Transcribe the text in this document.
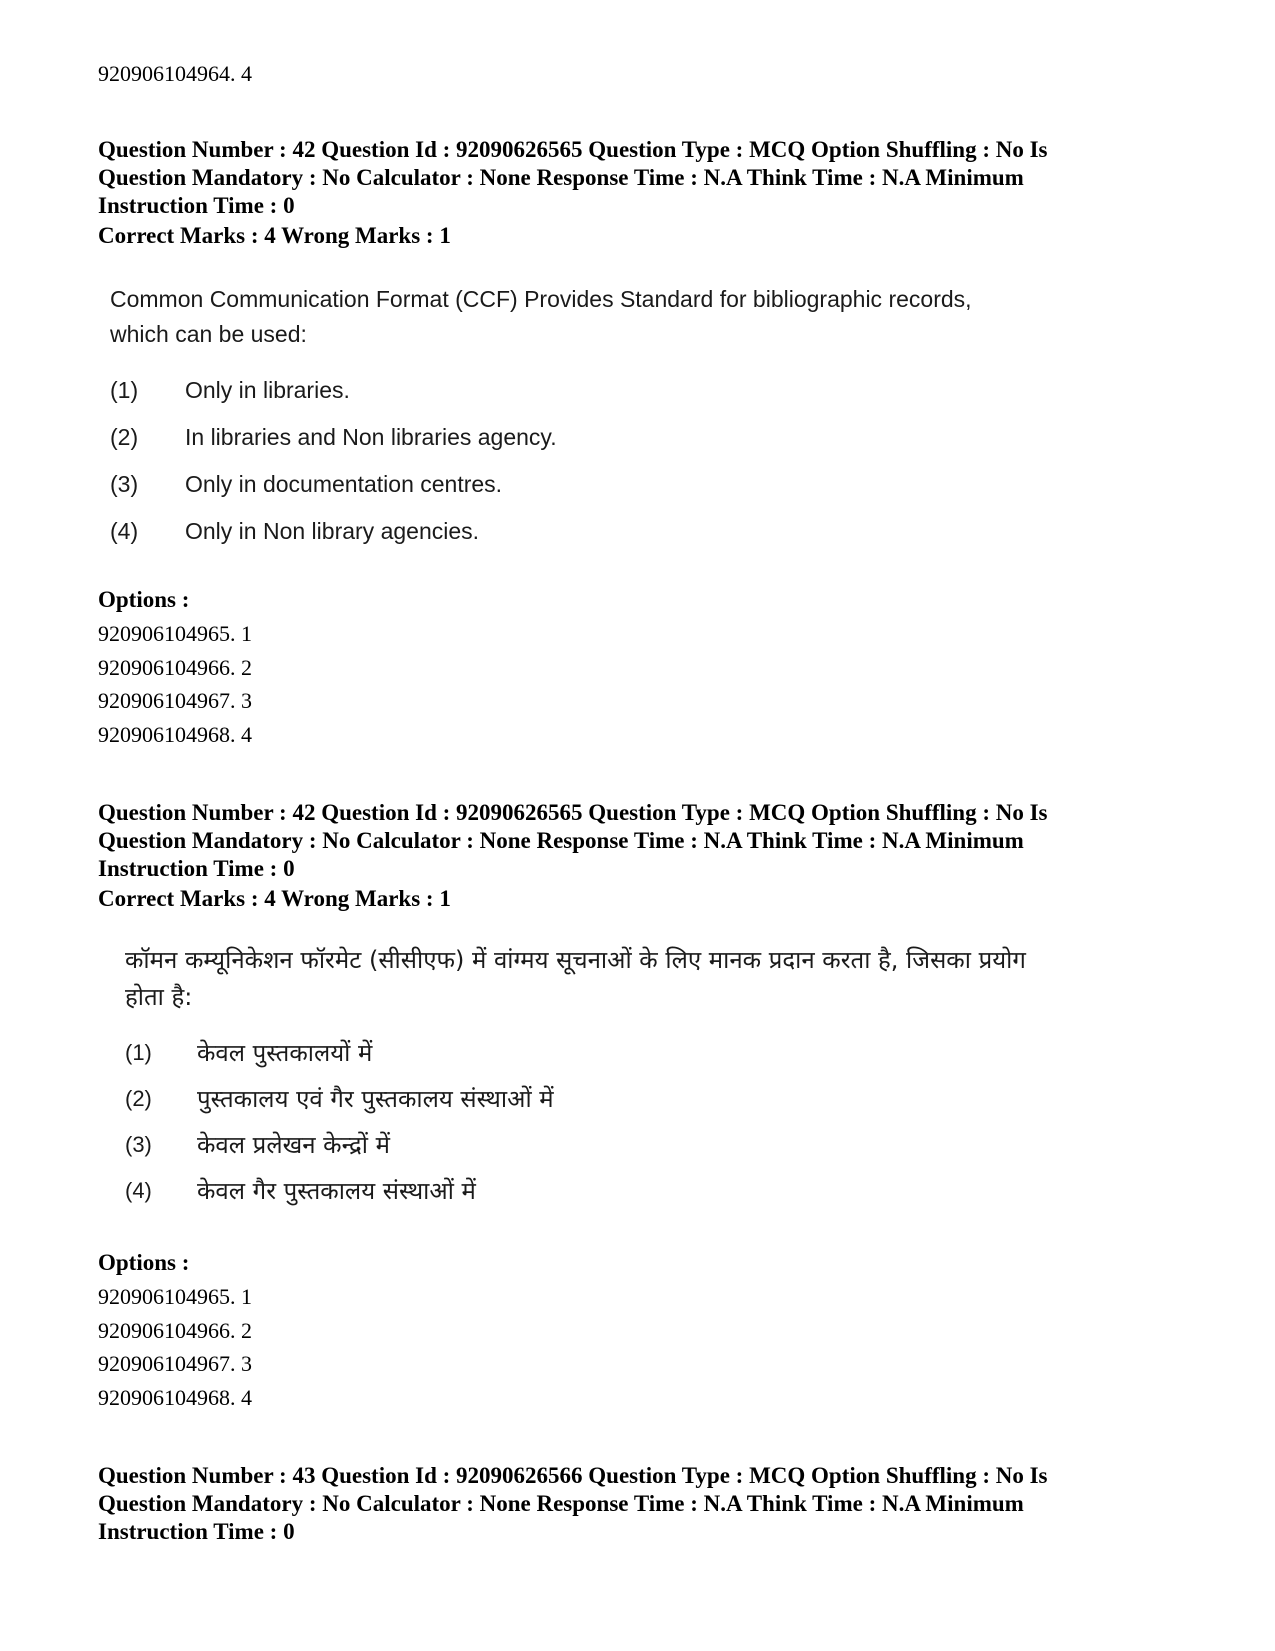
920906104964. 4

Question Number : 42 Question Id : 92090626565 Question Type : MCQ Option Shuffling : No Is

Question Mandatory : No Calculator : None Response Time : N.A Think Time : N.A Minimum

Instruction Time : 0

Correct Marks : 4 Wrong Marks : 1

Common Communication Format (CCF) Provides Standard for bibliographic records,
which can be used:

(1) Only in libraries.
(2) In libraries and Non libraries agency.
(3) Only in documentation centres.
(4) Only in Non library agencies.
Options :
920906104965. 1
920906104966. 2
920906104967. 3
920906104968. 4

Question Number : 42 Question Id : 92090626565 Question Type : MCQ Option Shuffling : No Is

Question Mandatory : No Calculator : None Response Time : N.A Think Time : N.A Minimum

Instruction Time : 0

Correct Marks : 4 Wrong Marks : 1

कॉमन कम्यूनिकेशन फॉरमेट (सीसीएफ) में वांग्मय सूचनाओं के लिए मानक प्रदान करता है, जिसका प्रयोग
होता है:

(1) केवल पुस्तकालयों में
(2) पुस्तकालय एवं गैर पुस्तकालय संस्थाओं में
(3) केवल प्रलेखन केन्द्रों में
(4) केवल गैर पुस्तकालय संस्थाओं में
Options :
920906104965. 1
920906104966. 2
920906104967. 3
920906104968. 4

Question Number : 43 Question Id : 92090626566 Question Type : MCQ Option Shuffling : No Is

Question Mandatory : No Calculator : None Response Time : N.A Think Time : N.A Minimum

Instruction Time : 0
